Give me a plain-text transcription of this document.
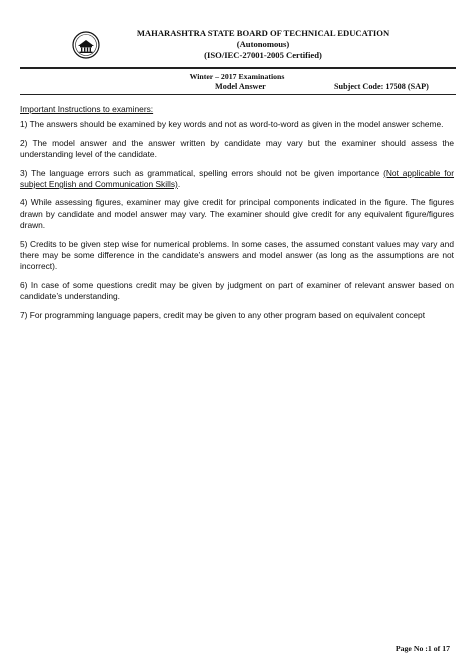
MAHARASHTRA STATE BOARD OF TECHNICAL EDUCATION
(Autonomous)
(ISO/IEC-27001-2005 Certified)
Winter – 2017 Examinations
Model Answer	Subject Code: 17508 (SAP)
Important Instructions to examiners:
1) The answers should be examined by key words and not as word-to-word as given in the model answer scheme.
2) The model answer and the answer written by candidate may vary but the examiner should assess the understanding level of the candidate.
3) The language errors such as grammatical, spelling errors should not be given importance (Not applicable for subject English and Communication Skills).
4) While assessing figures, examiner may give credit for principal components indicated in the figure. The figures drawn by candidate and model answer may vary. The examiner should give credit for any equivalent figure/figures drawn.
5) Credits to be given step wise for numerical problems. In some cases, the assumed constant values may vary and there may be some difference in the candidate’s answers and model answer (as long as the assumptions are not incorrect).
6) In case of some questions credit may be given by judgment on part of examiner of relevant answer based on candidate’s understanding.
7) For programming language papers, credit may be given to any other program based on equivalent concept
Page No :1 of 17
